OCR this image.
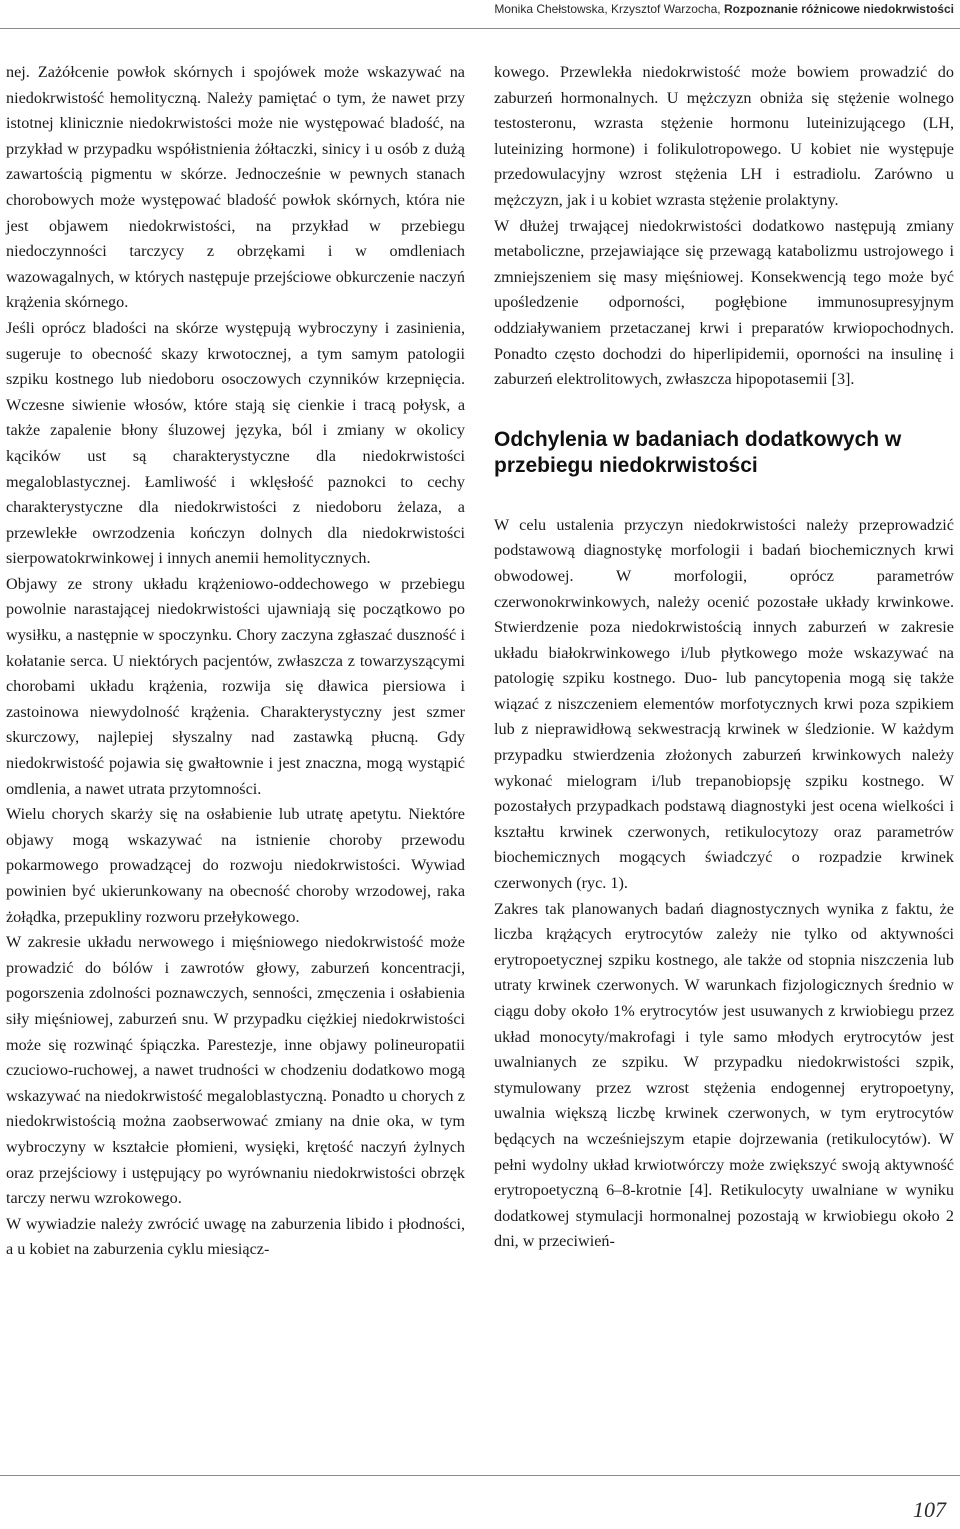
Monika Chełstowska, Krzysztof Warzocha, Rozpoznanie różnicowe niedokrwistości

nej. Zażółcenie powłok skórnych i spojówek może wskazywać na niedokrwistość hemolityczną. Należy pamiętać o tym, że nawet przy istotnej klinicznie niedokrwistości może nie występować bladość, na przykład w przypadku współistnienia żółtaczki, sinicy i u osób z dużą zawartością pigmentu w skórze. Jednocześnie w pewnych stanach chorobowych może występować bladość powłok skórnych, która nie jest objawem niedokrwistości, na przykład w przebiegu niedoczynności tarczycy z obrzękami i w omdleniach wazowagalnych, w których następuje przejściowe obkurczenie naczyń krążenia skórnego.

Jeśli oprócz bladości na skórze występują wybroczyny i zasinienia, sugeruje to obecność skazy krwotocznej, a tym samym patologii szpiku kostnego lub niedoboru osoczowych czynników krzepnięcia. Wczesne siwienie włosów, które stają się cienkie i tracą połysk, a także zapalenie błony śluzowej języka, ból i zmiany w okolicy kącików ust są charakterystyczne dla niedokrwistości megaloblastycznej. Łamliwość i wklęsłość paznokci to cechy charakterystyczne dla niedokrwistości z niedoboru żelaza, a przewlekłe owrzodzenia kończyn dolnych dla niedokrwistości sierpowatokrwinkowej i innych anemii hemolitycznych.

Objawy ze strony układu krążeniowo-oddechowego w przebiegu powolnie narastającej niedokrwistości ujawniają się początkowo po wysiłku, a następnie w spoczynku. Chory zaczyna zgłaszać duszność i kołatanie serca. U niektórych pacjentów, zwłaszcza z towarzyszącymi chorobami układu krążenia, rozwija się dławica piersiowa i zastoinowa niewydolność krążenia. Charakterystyczny jest szmer skurczowy, najlepiej słyszalny nad zastawką płucną. Gdy niedokrwistość pojawia się gwałtownie i jest znaczna, mogą wystąpić omdlenia, a nawet utrata przytomności.

Wielu chorych skarży się na osłabienie lub utratę apetytu. Niektóre objawy mogą wskazywać na istnienie choroby przewodu pokarmowego prowadzącej do rozwoju niedokrwistości. Wywiad powinien być ukierunkowany na obecność choroby wrzodowej, raka żołądka, przepukliny rozworu przełykowego.

W zakresie układu nerwowego i mięśniowego niedokrwistość może prowadzić do bólów i zawrotów głowy, zaburzeń koncentracji, pogorszenia zdolności poznawczych, senności, zmęczenia i osłabienia siły mięśniowej, zaburzeń snu. W przypadku ciężkiej niedokrwistości może się rozwinąć śpiączka. Parestezje, inne objawy polineuropatii czuciowo-ruchowej, a nawet trudności w chodzeniu dodatkowo mogą wskazywać na niedokrwistość megaloblastyczną. Ponadto u chorych z niedokrwistością można zaobserwować zmiany na dnie oka, w tym wybroczyny w kształcie płomieni, wysięki, krętość naczyń żylnych oraz przejściowy i ustępujący po wyrównaniu niedokrwistości obrzęk tarczy nerwu wzrokowego.

W wywiadzie należy zwrócić uwagę na zaburzenia libido i płodności, a u kobiet na zaburzenia cyklu miesiącz-

kowego. Przewlekła niedokrwistość może bowiem prowadzić do zaburzeń hormonalnych. U mężczyzn obniża się stężenie wolnego testosteronu, wzrasta stężenie hormonu luteinizującego (LH, luteinizing hormone) i folikulotropowego. U kobiet nie występuje przedowulacyjny wzrost stężenia LH i estradiolu. Zarówno u mężczyzn, jak i u kobiet wzrasta stężenie prolaktyny.

W dłużej trwającej niedokrwistości dodatkowo następują zmiany metaboliczne, przejawiające się przewagą katabolizmu ustrojowego i zmniejszeniem się masy mięśniowej. Konsekwencją tego może być upośledzenie odporności, pogłębione immunosupresyjnym oddziaływaniem przetaczanej krwi i preparatów krwiopochodnych. Ponadto często dochodzi do hiperlipidemii, oporności na insulinę i zaburzeń elektrolitowych, zwłaszcza hipopotasemii [3].

Odchylenia w badaniach dodatkowych w przebiegu niedokrwistości

W celu ustalenia przyczyn niedokrwistości należy przeprowadzić podstawową diagnostykę morfologii i badań biochemicznych krwi obwodowej. W morfologii, oprócz parametrów czerwonokrwinkowych, należy ocenić pozostałe układy krwinkowe. Stwierdzenie poza niedokrwistością innych zaburzeń w zakresie układu białokrwinkowego i/lub płytkowego może wskazywać na patologię szpiku kostnego. Duo- lub pancytopenia mogą się także wiązać z niszczeniem elementów morfotycznych krwi poza szpikiem lub z nieprawidłową sekwestracją krwinek w śledzionie. W każdym przypadku stwierdzenia złożonych zaburzeń krwinkowych należy wykonać mielogram i/lub trepanobiopsję szpiku kostnego. W pozostałych przypadkach podstawą diagnostyki jest ocena wielkości i kształtu krwinek czerwonych, retikulocytozy oraz parametrów biochemicznych mogących świadczyć o rozpadzie krwinek czerwonych (ryc. 1).

Zakres tak planowanych badań diagnostycznych wynika z faktu, że liczba krążących erytrocytów zależy nie tylko od aktywności erytropoetycznej szpiku kostnego, ale także od stopnia niszczenia lub utraty krwinek czerwonych. W warunkach fizjologicznych średnio w ciągu doby około 1% erytrocytów jest usuwanych z krwiobiegu przez układ monocyty/makrofagi i tyle samo młodych erytrocytów jest uwalnianych ze szpiku. W przypadku niedokrwistości szpik, stymulowany przez wzrost stężenia endogennej erytropoetyny, uwalnia większą liczbę krwinek czerwonych, w tym erytrocytów będących na wcześniejszym etapie dojrzewania (retikulocytów). W pełni wydolny układ krwiotwórczy może zwiększyć swoją aktywność erytropoetyczną 6–8-krotnie [4]. Retikulocyty uwalniane w wyniku dodatkowej stymulacji hormonalnej pozostają w krwiobiegu około 2 dni, w przeciwień-

107
